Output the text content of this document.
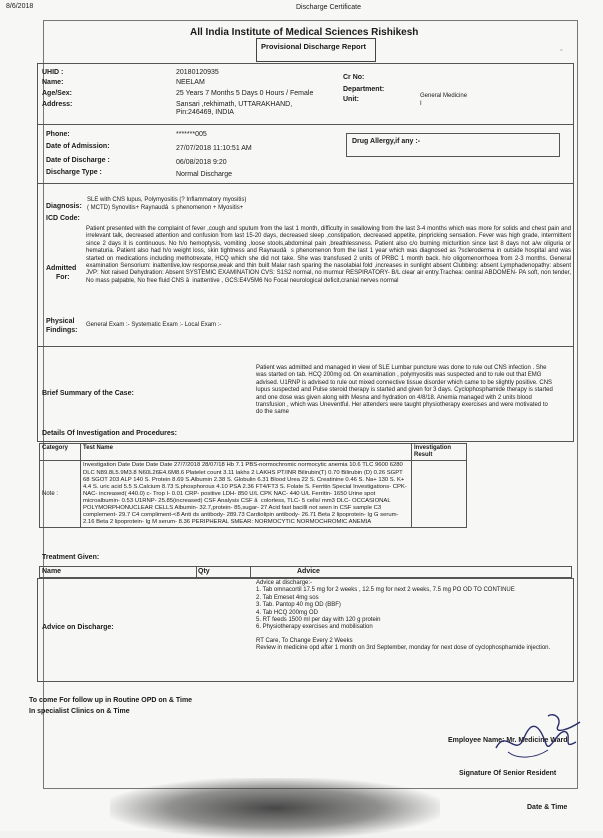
8/6/2018	Discharge Certificate
All India Institute of Medical Sciences Rishikesh
Provisional Discharge Report	▫
UHID :	20180120935
Name:	NEELAM
Age/Sex:	25 Years 7 Months 5 Days 0 Hours / Female
Address:	Sansari ,rekhimath, UTTARAKHAND, Pin:246469, INDIA
Cr No:
Department:
General Medicine
Unit:
I
Phone:	*******005
Date of Admission:	27/07/2018 11:10:51 AM
Date of Discharge :	06/08/2018 9:20
Discharge Type :	Normal Discharge
Drug Allergy,if any :-
Diagnosis:
SLE with CNS lupus, Polymyositis (? Inflammatory myositis)
( MCTD) Synovitis+ Raynaudâ  s phenomenon + Myositis+
ICD Code:
Admitted
For:
Patient presented with the complaint of fever ,cough and sputum from the last 1 month, difficulty in swallowing from the last 3-4 months which was more for solids and chest pain and irrelevant talk, decreased attention and confusion from last 15-20 days, decreased sleep ,constipation, decreased appetite, pinpricking sensation. Fever was high grade, intermittent since 2 days it is continuous. No h/o hemoptysis, vomiting ,loose stools,abdominal pain ,breathlessness. Patient also c/o burning micturition since last 8 days not a/w oliguria or hematuria. Patient also had h/o weight loss, skin tightness and Raynaudâ  s phenomenon from the last 1 year which was diagnosed as ?scleroderma in outside hospital and was started on medications including methotrexate, HCQ which she did not take. She was transfused 2 units of PRBC 1 month back. h/o oligomenorrhoea from 2-3 months. General examination Sensorium: inattentive,low response,weak and thin built Malar rash sparing the nasolabial fold ,increases in sunlight absent Clubbing: absent Lymphadenopathy: absent JVP: Not raised Dehydration: Absent SYSTEMIC EXAMINATION CVS: S1S2 normal, no murmur RESPIRATORY- B/L clear air entry.Trachea: central ABDOMEN- PA soft, non tender, No mass palpable, No free fluid CNS â  inattentive , GCS:E4V5M6 No Focal neurological deficit,cranial nerves normal
Physical
Findings:
General Exam :- Systematic Exam :- Local Exam :-
Brief Summary of the Case:
Patient was admitted and managed in view of SLE Lumbar puncture was done to rule out CNS infection . She was started on tab. HCQ 200mg od. On examination , polymyositis was suspected and to rule out that EMG advised. U1RNP is advised to rule out mixed connective tissue disorder which came to be slightly positive. CNS lupus suspected and Pulse steroid therapy is started and given for 3 days. Cyclophosphamide therapy is started and one dose was given along with Mesna and hydration on 4/8/18. Anemia managed with 2 units blood transfusion , which was Uneventful. Her attenders were taught physiotherapy exercises and were motivated to do the same
Details Of Investigation and Procedures:
Category	Test Name	Investigation Result
Note :	Investigation Date Date Date Date 27/7/2018 28/07/18 Hb 7.1 PBS-normochromic normocytic anemia 10.6 TLC 9600 6280 DLC N89.8L5.9M3.8 N60L26E4.6M8.6 Platelet count 3.11 lakhs 2 LAKHS PT/INR Bilirubin(T) 0.70 Bilirubin (D) 0.26 SGPT 68 SGOT 203 ALP 140 S. Protein 8.69 S.Albumin 2.38 S. Globulin 6.31 Blood Urea 22 S. Creatinine 0.46 S. Na+ 130 S. K+ 4.4 S. uric acid 5.5 S.Calcium 8.73 S.phosphorous 4.10 PSA 2.36 FT4/FT3 S. Folate S. Ferritin Special Investigations- CPK-NAC- increased( 440.0) c- Trop I- 0.01 CRP- positive LDH- 850 U/L CPK NAC- 440 U/L Ferritin- 1650 Urine spot microalbumin- 0.53 U1RNP- 25.85(increased) CSF Analysis CSF â  colorless, TLC- 5 cells/ mm3 DLC- OCCASIONAL POLYMORPHONUCLEAR CELLS Albumin- 32.7,protein- 85,sugar- 27 Acid fast bacilli not seen in CSF sample C3 complement- 29.7 C4 compliment-<8 Anti ds antibody- 289.73 Cardiolipin antibody- 26.71 Beta 2 lipoprotein- Ig G serum- 2.16 Beta 2 lipoprotein- Ig M serum- 8.36 PERIPHERAL SMEAR: NORMOCYTIC NORMOCHROMIC ANEMIA	
Treatment Given:
Name	Qty	Advice
Advice on Discharge:
Advice at discharge:-
1. Tab omnacortil 17.5 mg for 2 weeks , 12.5 mg for next 2 weeks, 7.5 mg PO OD TO CONTINUE
2. Tab Emeset 4mg sos
3. Tab. Pantop 40 mg OD (BBF)
4. Tab HCQ 200mg OD
5. RT feeds 1500 ml per day with 120 g protein
6. Physiotherapy exercises and mobilisation
RT Care, To Change Every 2 Weeks
Review in medicine opd after 1 month on 3rd September, monday for next dose of cyclophosphamide injection.
To come For follow up in Routine OPD on & Time
In specialist Clinics on & Time
Employee Name: Mr. Medicine Ward
Signature Of Senior Resident
Date & Time
